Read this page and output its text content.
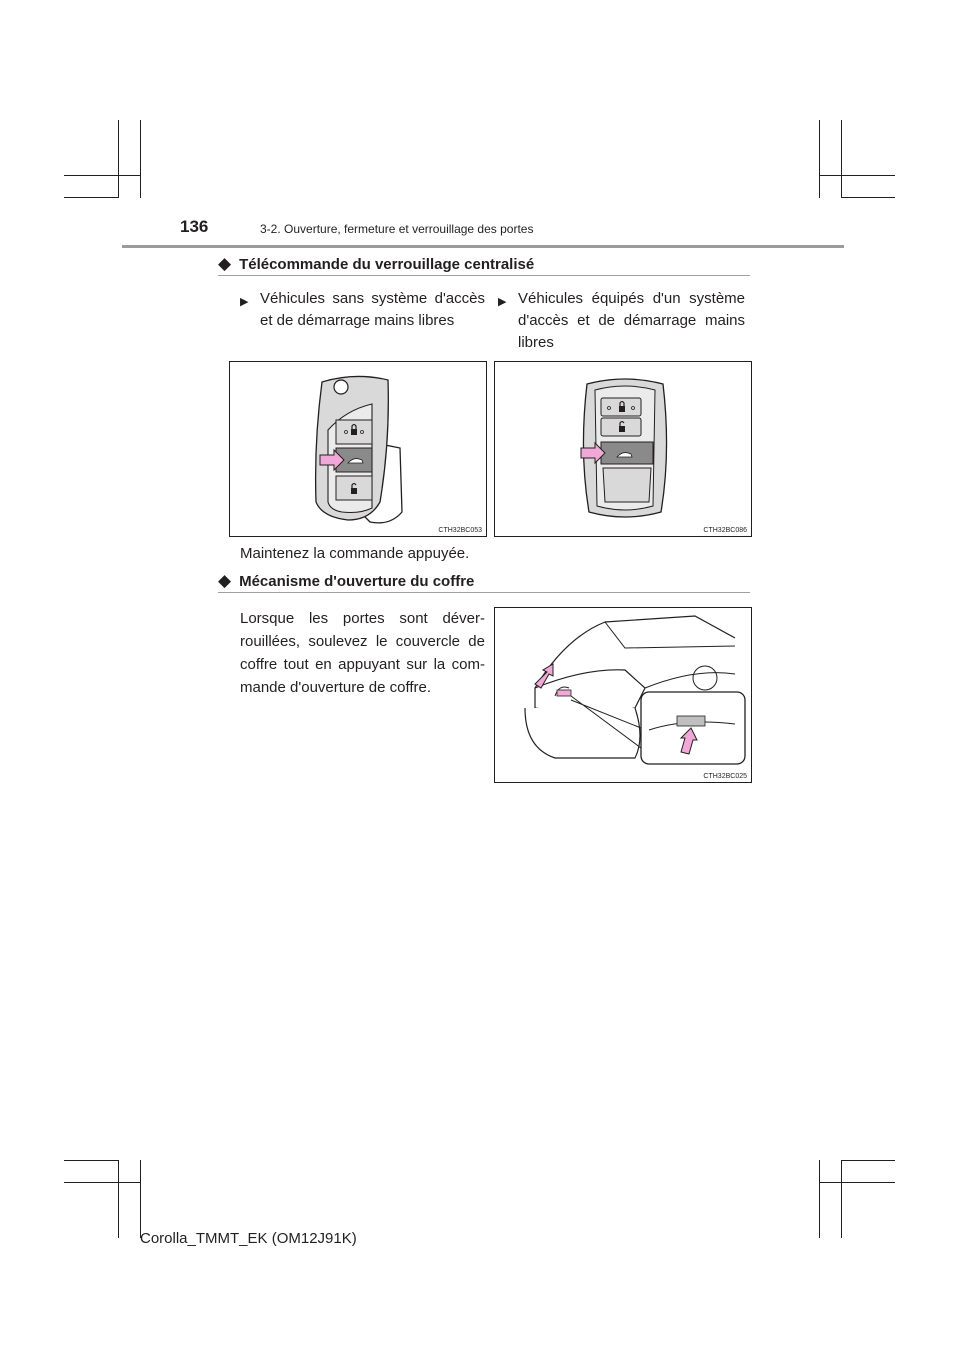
136	3-2. Ouverture, fermeture et verrouillage des portes
◆ Télécommande du verrouillage centralisé
▶ Véhicules sans système d'accès et de démarrage mains libres
▶ Véhicules équipés d'un système d'accès et de démarrage mains libres
CTH32BC053	CTH32BC086
Maintenez la commande appuyée.
◆ Mécanisme d'ouverture du coffre
Lorsque les portes sont déver-rouillées, soulevez le couvercle de coffre tout en appuyant sur la com-mande d'ouverture de coffre.
CTH32BC025
Corolla_TMMT_EK (OM12J91K)
